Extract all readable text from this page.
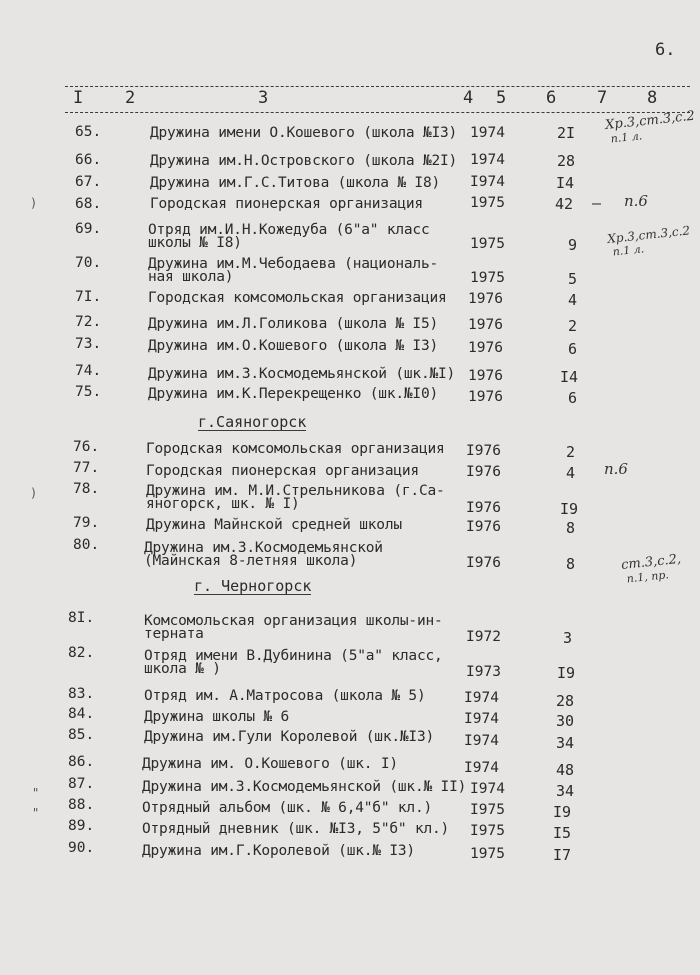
6.
I 2	3	4 5 6 7 8
65.	Дружина имени О.Кошевого (школа №I3) 1974	2I
66.	Дружина им.Н.Островского (школа №2I) 1974	28
67.	Дружина им.Г.С.Титова (школа № I8) I974	I4
68.	Городская пионерская организация	1975	42
69.	Отряд им.И.Н.Кожедуба (6"а" класс
школы № I8)	1975	9
70.	Дружина им.М.Чебодаева (националь-
ная школа)	1975	5
7I.	Городская комсомольская организация 1976	4
72.	Дружина им.Л.Голикова (школа № I5) 1976	2
73.	Дружина им.О.Кошевого (школа № I3) 1976	6
74.	Дружина им.З.Космодемьянской (шк.№I) 1976	I4
75.	Дружина им.К.Перекрещенко (шк.№I0) 1976	6
г.Саяногорск
76.	Городская комсомольская организация I976	2
77.	Городская пионерская организация	I976	4
78.	Дружина им. М.И.Стрельникова (г.Са-
яногорск, шк. № I)	I976	I9
79.	Дружина Майнской средней школы	I976	8
80.	Дружина им.З.Космодемьянской
(Майнская 8-летняя школа)	I976	8
г. Черногорск
8I.	Комсомольская организация школы-ин-
терната	I972	3
82.	Отряд имени В.Дубинина (5"а" класс,
школа № )	I973	I9
83.	Отряд им. А.Матросова (школа № 5)	I974	28
84.	Дружина школы № 6	I974	30
85.	Дружина им.Гули Королевой (шк.№I3) I974	34
86.	Дружина им. О.Кошевого (шк. I)	I974	48
87.	Дружина им.З.Космодемьянской (шк.№ II) I974	34
88.	Отрядный альбом (шк. № 6,4"б" кл.)	I975	I9
89.	Отрядный дневник (шк. №I3, 5"б" кл.) I975	I5
90.	Дружина им.Г.Королевой (шк.№ I3)	1975	I7
Хр.3,ст.3,с.2
п.1 л.
– п.6
Хр.3,ст.3,с.2
п.1 л.
п.6
ст.3,с.2,
п.1, пр.
)
)
"
"
